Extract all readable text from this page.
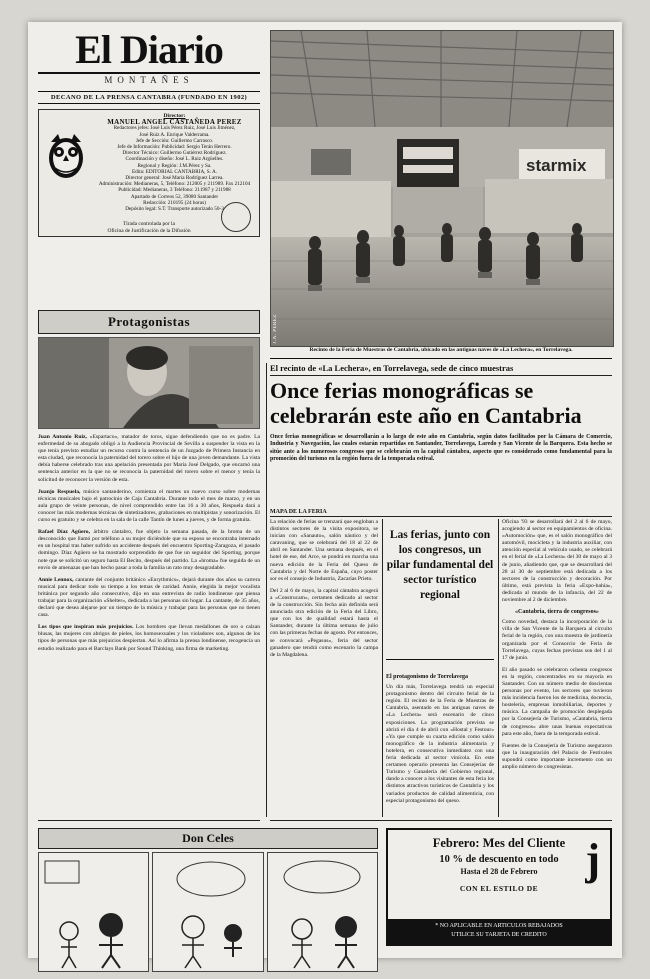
El Diario
MONTAÑES
DECANO DE LA PRENSA CANTABRA (FUNDADO EN 1902)
Director:
MANUEL ANGEL CASTAÑEDA PEREZ
Redactores jefes: José Luis Pérez Ruiz, José Luis Jiménez,
José Ruiz A. Enrique Valderrama.
Jefe de Sección: Guillermo Carrasco.
Jefe de Información: Publicidad: Sergio Terán Herrero.
Director Técnico: Guillermo Gutiérrez Rodríguez.
Coordinación y diseño: José L. Ruiz Argüelles.
Regional y Región: J.M.Pérez y Sa.
Edita: EDITORIAL CANTABRIA, S. A.
Director general: José María Rodríguez Larrea.
Administración: Medianeras, 5, Teléfono: 212005 y 211989. Fax 212104
Publicidad: Medianeras, 3 Teléfono: 211987 y 211988
Apartado de Correos 52, 39080 Santander
Redacción: 210195 (24 horas)
Depósito legal: S.T. Transporte autorizado 50-3
Tirada controlada por la
Oficina de Justificación de la Difusión
Protagonistas

Juan Antonio Ruiz, «Espartaco», matador de toros, sigue defendiendo que no es padre. La enfermedad de su abogado obligó a la Audiencia Provincial de Sevilla a suspender la vista en la que tenía previsto estudiar un recurso contra la sentencia de un Juzgado de Primera Instancia en esta ciudad, que reconocía la paternidad del torero sobre el hijo de una joven demandante. La vista debía haberse celebrado tras una apelación presentada por María José Delgado, que encarnó una sentencia anterior en la que no se reconocía la paternidad del torero sobre el menor y tenía la solicitud de reconocer la versión de esta.

Juanjo Respuela, músico santanderino, comienza el martes un nuevo curso sobre modernas técnicas musicales bajo el patrocinio de Caja Cantabria. Durante todo el mes de marzo, y en un aula grupo de veinte personas, de nivel comprendido entre las 16 a 30 años, Respuela dará a conocer las más modernas técnicas de sintetizadores, grabaciones en multipistas y sonorización. El curso es gratuito y se celebra en la sala de la calle Tantín de lunes a jueves, y de forma gratuita.

Rafael Díaz Agüero, árbitro cántabro, fue objeto la semana pasada, de la broma de un desconocido que llamó por teléfono a su mujer diciéndole que su esposo se encontraba internado en un hospital tras haber sufrido un accidente después del encuentro Sporting-Zaragoza, el pasado domingo. Díaz Agüero se ha mostrado sorprendido de que fue un seguidor del Sporting, porque note que se solicitó un seguro hasta El Becito, después del partido. La «broma» fue seguida de un envío de amenazas que han hecho pasar a toda la familia un rato muy desagradable.

Annie Lennox, cantante del conjunto británico «Eurythmics», dejará durante dos años su carrera musical para dedicar todo su tiempo a los temas de caridad. Annie, elegida la mejor vocalista británica por segundo año consecutivo, dijo en una entrevista de radio londinense que piensa trabajar para la organización «Shelter», dedicada a las personas sin hogar. La cantante, de 35 años, declaró que desea alejarse por un tiempo de la música y trabajar para las personas que no tienen casa.

Los tipos que inspiran más prejuicios. Los hombres que llevan medallones de oro o calzan blusas, las mujeres con abrigos de pieles, los homosexuales y los violadores son, algunos de los tipos de personas que más prejuicios despiertan. Así lo afirma la prensa londinense, recogencia un estudio realizado para el Barclays Bank por Sound Thinking, una firma de marketing.

starmix
J.A. PEREZ
Recinto de la Feria de Muestras de Cantabria, ubicado en las antiguas naves de «La Lechera», en Torrelavega.
El recinto de «La Lechera», en Torrelavega, sede de cinco muestras
Once ferias monográficas se celebrarán este año en Cantabria

Once ferias monográficas se desarrollarán a lo largo de este año en Cantabria, según datos facilitados por la Cámara de Comercio, Industria y Navegación, las cuales estarán repartidas en Santander, Torrelavega, Laredo y San Vicente de la Barquera. Esta hecho se sitúe ante a los numerosos congresos que se celebrarán en la capital cántabra, aspecto que es considerado como fundamental para la promoción del turismo en la región fuera de la temporada estival.

MAPA DE LA FERIA

La relación de ferias se trenzará que engloban a distintos sectores de la visita expositora, se inician con «Sanauto», salón náutico y del caravaning, que se celebrará del 18 al 22 de abril en Santander. Una semana después, en el hotel de ese, del Arce, se pondrá en marcha una nueva edición de la Feria del Queso de Cantabria y del Norte de España, cuyo poster sor es el consejo de Industria, Zacarías Prieto.

Del 2 al 6 de mayo, la capital cántabra acogerá a «Construcam», certamen dedicado al sector de la construcción. Sin fecha aún definida será anunciada otra edición de la Feria del Libro, que con los de qualidad estará hasta el Santander, durante la última semana de julio con las primeras fechas de agosto. Por entonces, se convocará «Pegasus», feria del sector ganadero que tendrá como escenario la campa de la Magdalena.

Las ferias, junto con los congresos, un pilar fundamental del sector turístico regional
El protagonismo de Torrelavega

Un día más, Torrelavega tendrá un especial protagonismo dentro del circuito ferial de la región. El recinto de la Feria de Muestras de Cantabria, asentado en las antiguas naves de «La Lechera» será escenario de cinco exposiciones. La programación prevista se abrirá el día 4 de abril con «Hostal y Festour» «Ya que cumple su cuarta edición como salón monográfico de la industria alimentaria y hotelera, en consecutiva inmediatez con una feria dedicada al sector vinícola. En este certamen operario presenta las Consejerías de Turismo y Ganadería del Gobierno regional, dando a conocer a los visitantes de esta feria los distintos atractivos turísticos de Cantabria y los variados productos de calidad alimenticia, con especial protagonismo del queso.

Oficina '93 se desarrollará del 2 al 6 de mayo, acogiendo al sector en equipamientos de oficina. «Automoción» que, es el salón monográfico del automóvil, mocicleta y la industria auxiliar, con atención especial al vehículo usado, se celebrará en el ferial de «La Lechera» del 30 de mayo al 3 de junio, añadiendo que, que se desarrollará del 28 al 30 de septiembre está dedicada a los sectores de la construcción y decoración. Por último, está prevista la feria «Expo-bahía», dedicada al mundo de la infancia, del 22 de noviembre al 2 de diciembre.

«Cantabria, tierra de congresos»

Como novedad, destaca la incorporación de la villa de San Vicente de la Barquera al circuito ferial de la región, con una muestra de jardinería organizada por el Consorcio de Feria de Torrelavega, cuyas fechas previstas son del 1 al 17 de junio.

El año pasado se celebraron ochenta congresos en la región, concentrados en su mayoría en Santander. Con un número medio de doscientas personas por evento, los sectores que tuvieron más incidencia fueron los de medicina, docencia, hostelería, empresas inmobiliarias, deportes y música. La campaña de promoción desplegada por la Consejería de Turismo, «Cantabria, tierra de congresos» abre unas buenas expectativas para este año, fuera de la temporada estival.

Fuentes de la Consejería de Turismo aseguraron que la inauguración del Palacio de Festivales supondrá como importante incremento con un amplio número de congresistas.

Don Celes	Febrero: Mes del Cliente
10 % de descuento en todo
Hasta el 28 de Febrero
CON EL ESTILO DE
j
* NO APLICABLE EN ARTICULOS REBAJADOS
UTILICE SU TARJETA DE CREDITO
